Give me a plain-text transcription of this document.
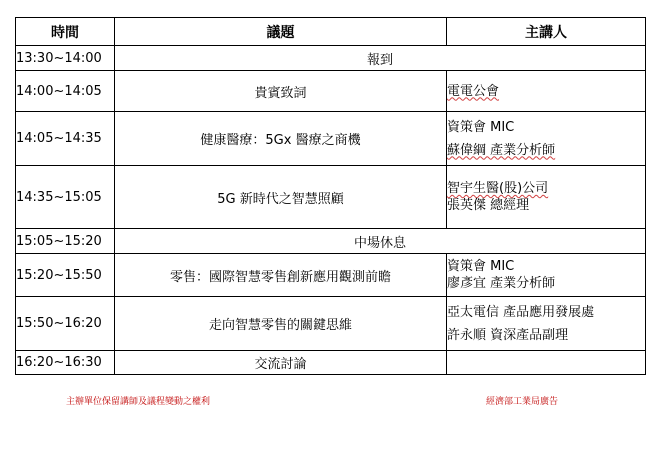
時間	議題	主講人
13:30~14:00	報到	
14:00~14:05	貴賓致詞	電電公會

14:05~14:35	健康醫療：5Gx 醫療之商機	資策會 MIC
蘇偉綱 產業分析師

14:35~15:05	5G 新時代之智慧照顧	智宇生醫(股)公司
張英傑 總經理

15:05~15:20	中場休息	
15:20~15:50	零售：國際智慧零售創新應用觀測前瞻	資策會 MIC
廖彥宜 產業分析師

15:50~16:20	走向智慧零售的關鍵思維	亞太電信 產品應用發展處
許永順 資深產品副理

16:20~16:30	交流討論	
主辦單位保留講師及議程變動之權利	經濟部工業局廣告
